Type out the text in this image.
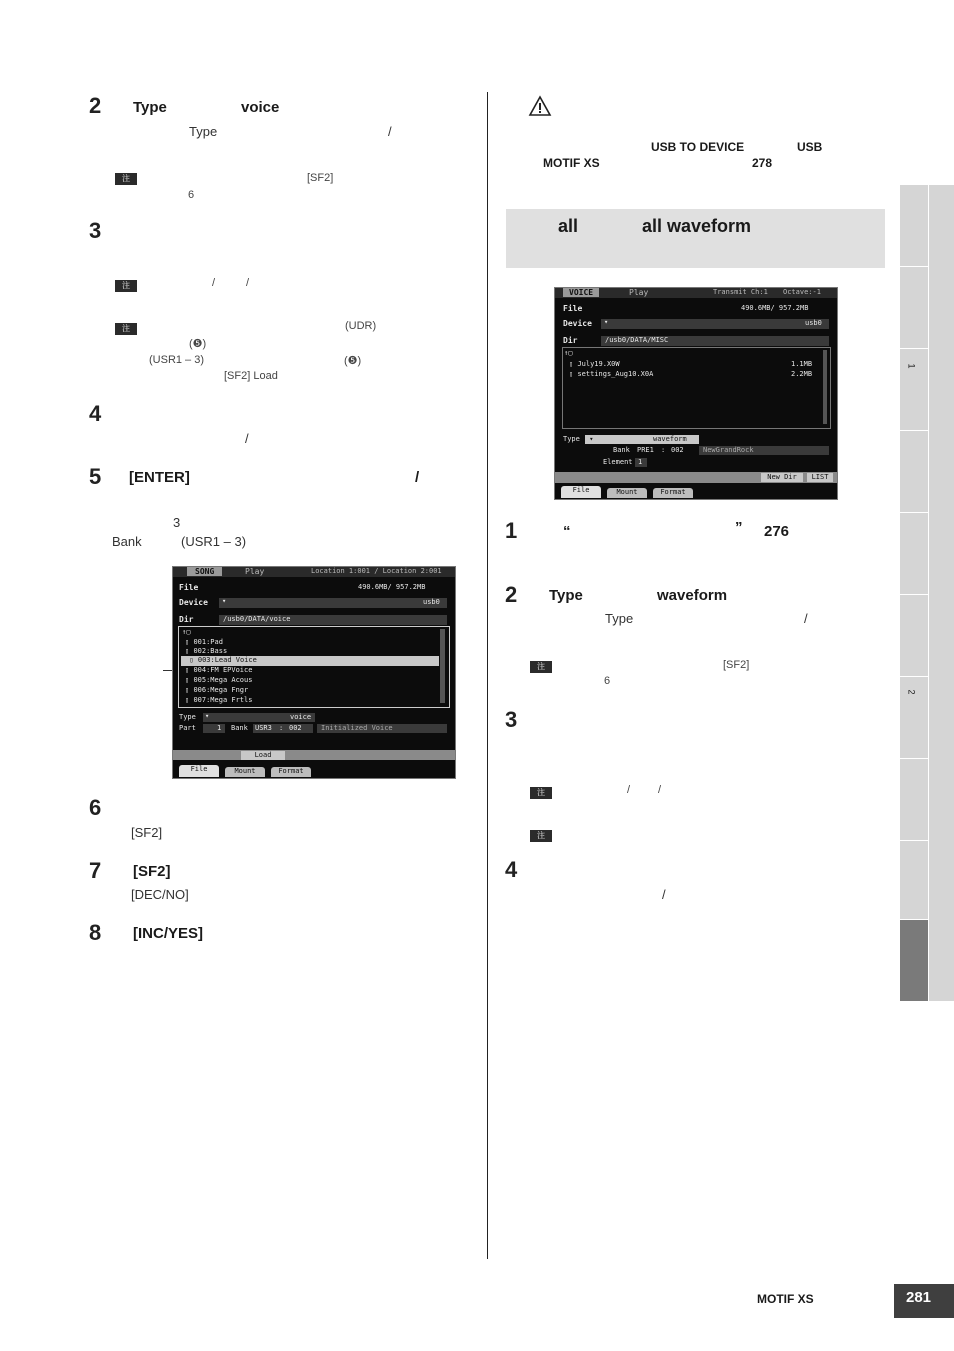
2 Type	voice
Type	/
注	[SF2]
6
3
注	/	/
注	(UDR)
(❺)
(USR1 – 3)	(❺)
[SF2] Load
4
/
5 [ENTER]	/
3
Bank	(USR1 – 3)
SONG	Play	Location 1:001 / Location 2:001
File	490.6MB/ 957.2MB
Device ▾	usb0
Dir	/usb0/DATA/voice
↑▢
▯ 001:Pad
▯ 002:Bass
▯ 003:Lead Voice
▯ 004:FM EPVoice
▯ 005:Mega Acous
▯ 006:Mega Fngr
▯ 007:Mega Frtls
Type ▾	voice
Part	1 Bank USR3 : 002	Initialized Voice
Load
File	Mount	Format
6
[SF2]
7 [SF2]
[DEC/NO]
8 [INC/YES]
USB TO DEVICE	USB
MOTIF XS	278
all	all waveform
VOICE	Play	Transmit Ch:1 Octave:-1
File	490.6MB/ 957.2MB
Device ▾	usb0
Dir	/usb0/DATA/MISC
↑▢
▯ July19.X0W	1.1MB
▯ settings_Aug10.X0A	2.2MB
Type ▾	waveform
Bank PRE1 : 002	NewGrandRock
Element 1
New Dir	LIST
File	Mount	Format
1	“	” 276
2 Type	waveform
Type	/
注	[SF2]
6
3
注	/	/
注
4
/
1
2
MOTIF XS	281
